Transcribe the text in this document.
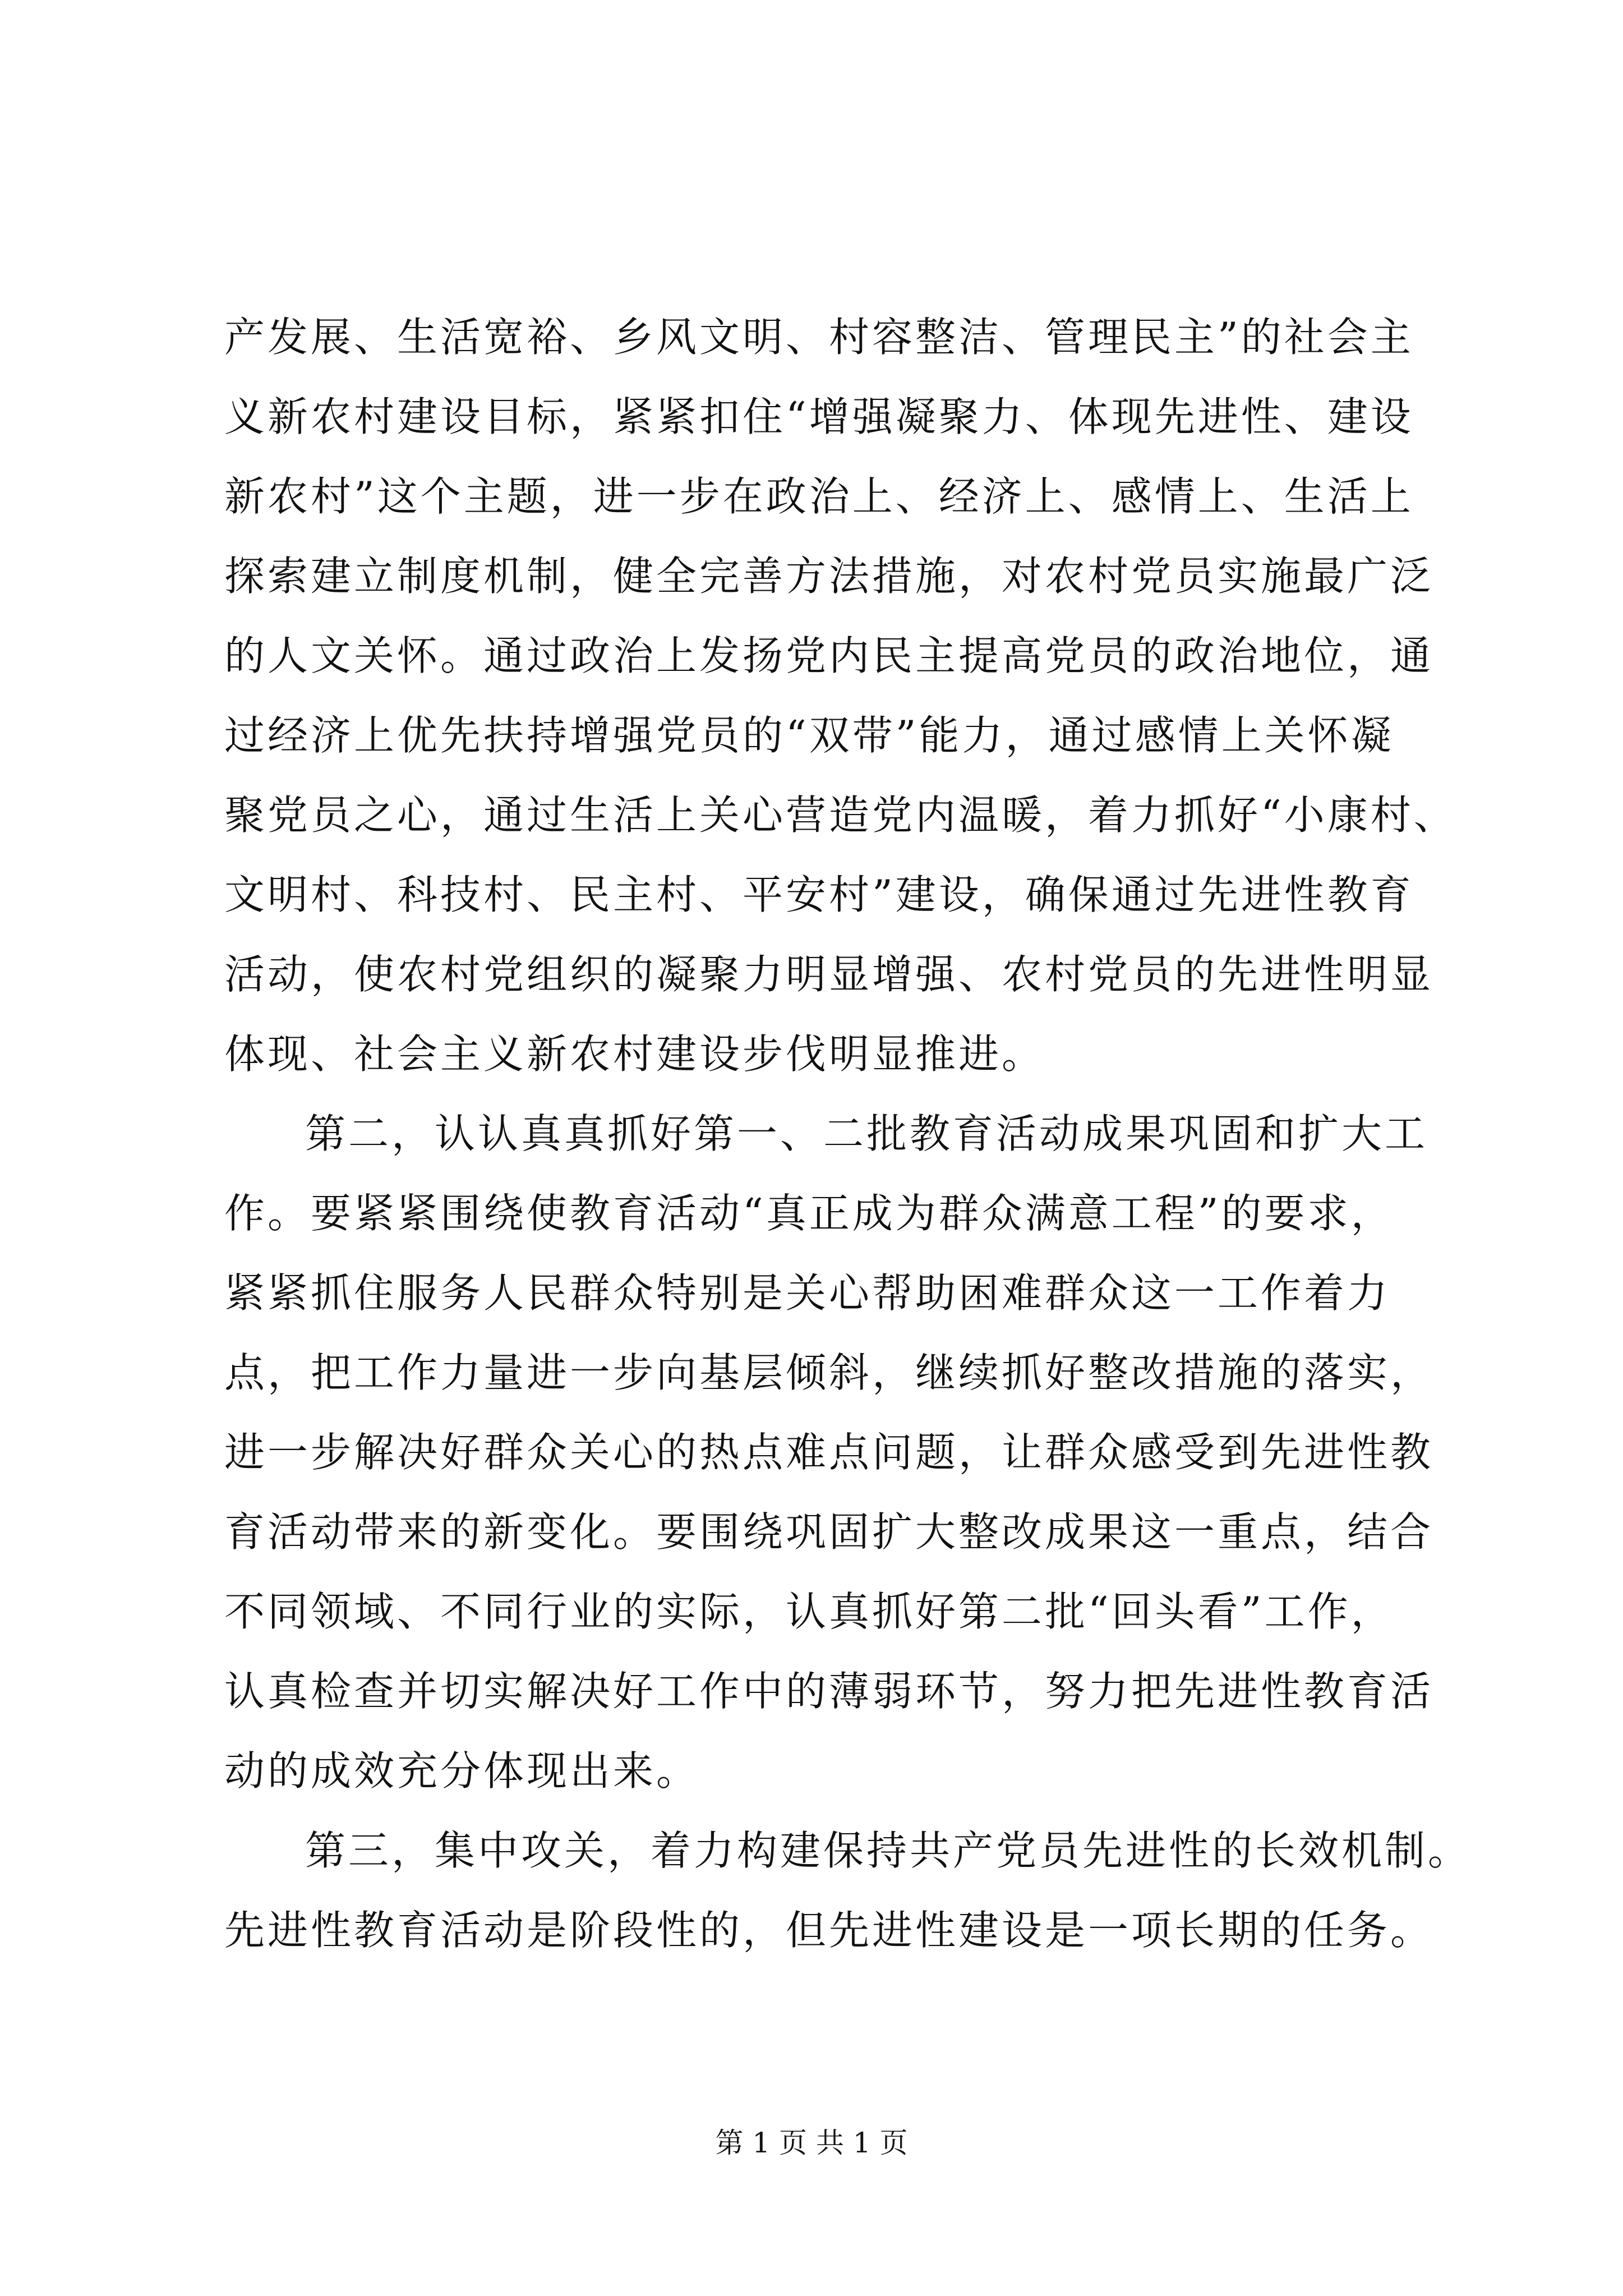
产发展、生活宽裕、乡风文明、村容整洁、管理民主”的社会主
义新农村建设目标，紧紧扣住“增强凝聚力、体现先进性、建设
新农村”这个主题，进一步在政治上、经济上、感情上、生活上
探索建立制度机制，健全完善方法措施，对农村党员实施最广泛
的人文关怀。通过政治上发扬党内民主提高党员的政治地位，通
过经济上优先扶持增强党员的“双带”能力，通过感情上关怀凝
聚党员之心，通过生活上关心营造党内温暖，着力抓好“小康村、
文明村、科技村、民主村、平安村”建设，确保通过先进性教育
活动，使农村党组织的凝聚力明显增强、农村党员的先进性明显
体现、社会主义新农村建设步伐明显推进。
第二，认认真真抓好第一、二批教育活动成果巩固和扩大工
作。要紧紧围绕使教育活动“真正成为群众满意工程”的要求，
紧紧抓住服务人民群众特别是关心帮助困难群众这一工作着力
点，把工作力量进一步向基层倾斜，继续抓好整改措施的落实，
进一步解决好群众关心的热点难点问题，让群众感受到先进性教
育活动带来的新变化。要围绕巩固扩大整改成果这一重点，结合
不同领域、不同行业的实际，认真抓好第二批“回头看”工作，
认真检查并切实解决好工作中的薄弱环节，努力把先进性教育活
动的成效充分体现出来。
第三，集中攻关，着力构建保持共产党员先进性的长效机制。
先进性教育活动是阶段性的，但先进性建设是一项长期的任务。
第 1 页 共 1 页
